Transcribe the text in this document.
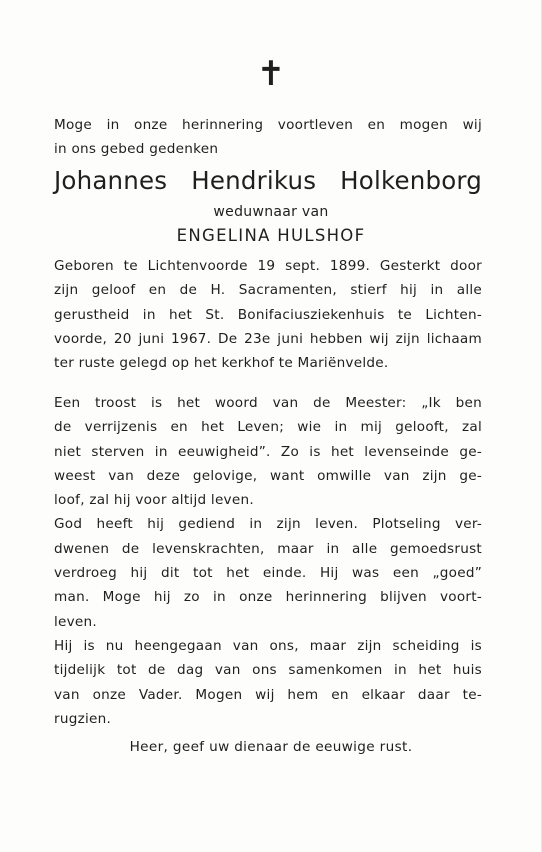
✝
Moge in onze herinnering voortleven en mogen wij
in ons gebed gedenken
Johannes Hendrikus Holkenborg
weduwnaar van
ENGELINA HULSHOF
Geboren te Lichtenvoorde 19 sept. 1899. Gesterkt door
zijn geloof en de H. Sacramenten, stierf hij in alle
gerustheid in het St. Bonifaciusziekenhuis te Lichten-
voorde, 20 juni 1967. De 23e juni hebben wij zijn lichaam
ter ruste gelegd op het kerkhof te Mariënvelde.
Een troost is het woord van de Meester: „Ik ben
de verrijzenis en het Leven; wie in mij gelooft, zal
niet sterven in eeuwigheid”. Zo is het levenseinde ge-
weest van deze gelovige, want omwille van zijn ge-
loof, zal hij voor altijd leven.
God heeft hij gediend in zijn leven. Plotseling ver-
dwenen de levenskrachten, maar in alle gemoedsrust
verdroeg hij dit tot het einde. Hij was een „goed”
man. Moge hij zo in onze herinnering blijven voort-
leven.
Hij is nu heengegaan van ons, maar zijn scheiding is
tijdelijk tot de dag van ons samenkomen in het huis
van onze Vader. Mogen wij hem en elkaar daar te-
rugzien.
Heer, geef uw dienaar de eeuwige rust.
